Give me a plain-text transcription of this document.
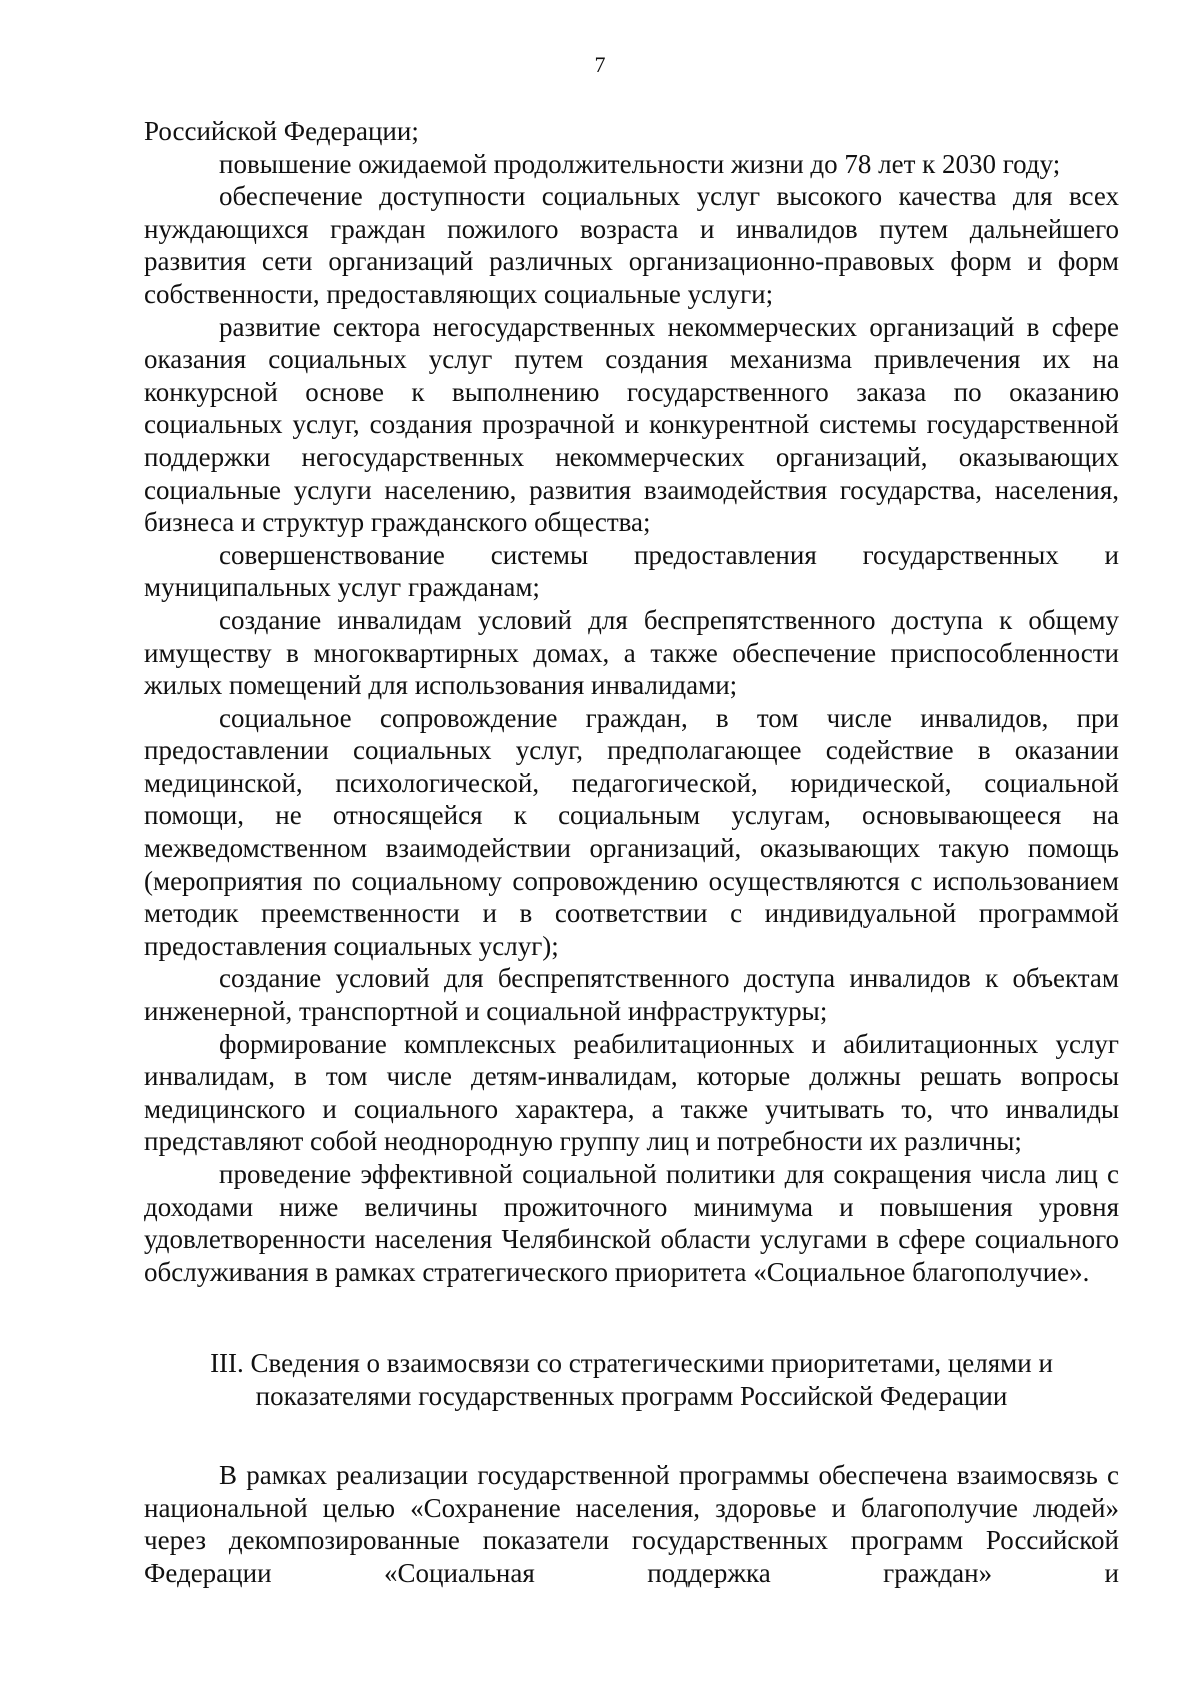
7

Российской Федерации;

повышение ожидаемой продолжительности жизни до 78 лет к 2030 году;

обеспечение доступности социальных услуг высокого качества для всех нуждающихся граждан пожилого возраста и инвалидов путем дальнейшего развития сети организаций различных организационно-правовых форм и форм собственности, предоставляющих социальные услуги;

развитие сектора негосударственных некоммерческих организаций в сфере оказания социальных услуг путем создания механизма привлечения их на конкурсной основе к выполнению государственного заказа по оказанию социальных услуг, создания прозрачной и конкурентной системы государственной поддержки негосударственных некоммерческих организаций, оказывающих социальные услуги населению, развития взаимодействия государства, населения, бизнеса и структур гражданского общества;

совершенствование системы предоставления государственных и муниципальных услуг гражданам;

создание инвалидам условий для беспрепятственного доступа к общему имуществу в многоквартирных домах, а также обеспечение приспособленности жилых помещений для использования инвалидами;

социальное сопровождение граждан, в том числе инвалидов, при предоставлении социальных услуг, предполагающее содействие в оказании медицинской, психологической, педагогической, юридической, социальной помощи, не относящейся к социальным услугам, основывающееся на межведомственном взаимодействии организаций, оказывающих такую помощь (мероприятия по социальному сопровождению осуществляются с использованием методик преемственности и в соответствии с индивидуальной программой предоставления социальных услуг);

создание условий для беспрепятственного доступа инвалидов к объектам инженерной, транспортной и социальной инфраструктуры;

формирование комплексных реабилитационных и абилитационных услуг инвалидам, в том числе детям-инвалидам, которые должны решать вопросы медицинского и социального характера, а также учитывать то, что инвалиды представляют собой неоднородную группу лиц и потребности их различны;

проведение эффективной социальной политики для сокращения числа лиц с доходами ниже величины прожиточного минимума и повышения уровня удовлетворенности населения Челябинской области услугами в сфере социального обслуживания в рамках стратегического приоритета «Социальное благополучие».

III. Сведения о взаимосвязи со стратегическими приоритетами, целями и
показателями государственных программ Российской Федерации

В рамках реализации государственной программы обеспечена взаимосвязь с национальной целью «Сохранение населения, здоровье и благополучие людей» через декомпозированные показатели государственных программ Российской Федерации «Социальная поддержка граждан» и
